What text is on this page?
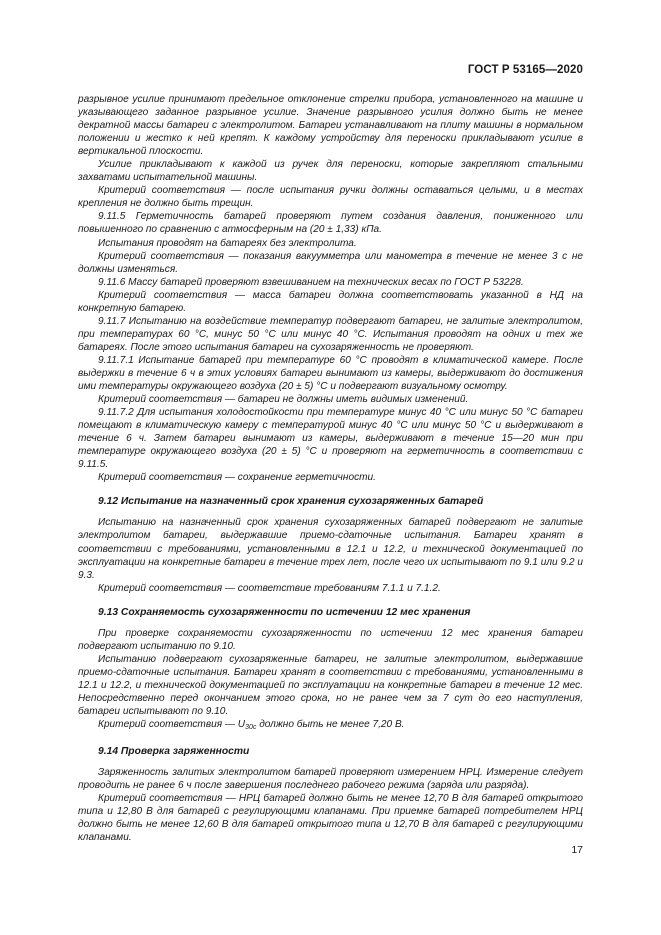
ГОСТ Р 53165—2020

разрывное усилие принимают предельное отклонение стрелки прибора, установленного на машине и указывающего заданное разрывное усилие. Значение разрывного усилия должно быть не менее декратной массы батареи с электролитом. Батареи устанавливают на плиту машины в нормальном положении и жестко к ней крепят. К каждому устройству для переноски прикладывают усилие в вертикальной плоскости.

Усилие прикладывают к каждой из ручек для переноски, которые закрепляют стальными захватами испытательной машины.

Критерий соответствия — после испытания ручки должны оставаться целыми, и в местах крепления не должно быть трещин.

9.11.5 Герметичность батарей проверяют путем создания давления, пониженного или повышенного по сравнению с атмосферным на (20 ± 1,33) кПа.

Испытания проводят на батареях без электролита.

Критерий соответствия — показания вакуумметра или манометра в течение не менее 3 с не должны изменяться.

9.11.6 Массу батарей проверяют взвешиванием на технических весах по ГОСТ Р 53228.

Критерий соответствия — масса батареи должна соответствовать указанной в НД на конкретную батарею.

9.11.7 Испытанию на воздействие температур подвергают батареи, не залитые электролитом, при температурах 60 °С, минус 50 °С или минус 40 °С. Испытания проводят на одних и тех же батареях. После этого испытания батареи на сухозаряженность не проверяют.

9.11.7.1 Испытание батарей при температуре 60 °С проводят в климатической камере. После выдержки в течение 6 ч в этих условиях батареи вынимают из камеры, выдерживают до достижения ими температуры окружающего воздуха (20 ± 5) °С и подвергают визуальному осмотру.

Критерий соответствия — батареи не должны иметь видимых изменений.

9.11.7.2 Для испытания холодостойкости при температуре минус 40 °С или минус 50 °С батареи помещают в климатическую камеру с температурой минус 40 °С или минус 50 °С и выдерживают в течение 6 ч. Затем батареи вынимают из камеры, выдерживают в течение 15—20 мин при температуре окружающего воздуха (20 ± 5) °С и проверяют на герметичность в соответствии с 9.11.5.

Критерий соответствия — сохранение герметичности.

9.12 Испытание на назначенный срок хранения сухозаряженных батарей

Испытанию на назначенный срок хранения сухозаряженных батарей подвергают не залитые электролитом батареи, выдержавшие приемо-сдаточные испытания. Батареи хранят в соответствии с требованиями, установленными в 12.1 и 12.2, и технической документацией по эксплуатации на конкретные батареи в течение трех лет, после чего их испытывают по 9.1 или 9.2 и 9.3.

Критерий соответствия — соответствие требованиям 7.1.1 и 7.1.2.

9.13 Сохраняемость сухозаряженности по истечении 12 мес хранения

При проверке сохраняемости сухозаряженности по истечении 12 мес хранения батареи подвергают испытанию по 9.10.

Испытанию подвергают сухозаряженные батареи, не залитые электролитом, выдержавшие приемо-сдаточные испытания. Батареи хранят в соответствии с требованиями, установленными в 12.1 и 12.2, и технической документацией по эксплуатации на конкретные батареи в течение 12 мес. Непосредственно перед окончанием этого срока, но не ранее чем за 7 сут до его наступления, батареи испытывают по 9.10.

Критерий соответствия — $U_{30с}$ должно быть не менее 7,20 В.

9.14 Проверка заряженности

Заряженность залитых электролитом батарей проверяют измерением НРЦ. Измерение следует проводить не ранее 6 ч после завершения последнего рабочего режима (заряда или разряда).

Критерий соответствия — НРЦ батарей должно быть не менее 12,70 В для батарей открытого типа и 12,80 В для батарей с регулирующими клапанами. При приемке батарей потребителем НРЦ должно быть не менее 12,60 В для батарей открытого типа и 12,70 В для батарей с регулирующими клапанами.

17
